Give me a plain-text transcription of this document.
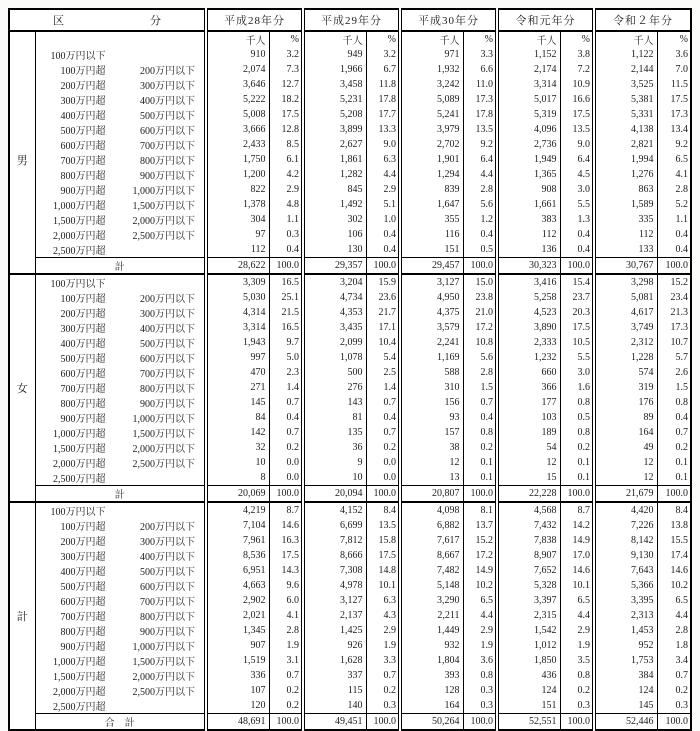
区 分		平成28年分		平成29年分		平成30年分		令和元年分		令和２年分	
		千人	%	千人	%	千人	%	千人	%	千人	%
男	100万円以下	910	3.2	949	3.2	971	3.3	1,152	3.8	1,122	3.6

	100万円超 200万円以下	2,074	7.3	1,966	6.7	1,932	6.6	2,174	7.2	2,144	7.0

	200万円超 300万円以下	3,646	12.7	3,458	11.8	3,242	11.0	3,314	10.9	3,525	11.5

	300万円超 400万円以下	5,222	18.2	5,231	17.8	5,089	17.3	5,017	16.6	5,381	17.5

	400万円超 500万円以下	5,008	17.5	5,208	17.7	5,241	17.8	5,319	17.5	5,331	17.3

	500万円超 600万円以下	3,666	12.8	3,899	13.3	3,979	13.5	4,096	13.5	4,138	13.4

	600万円超 700万円以下	2,433	8.5	2,627	9.0	2,702	9.2	2,736	9.0	2,821	9.2

	700万円超 800万円以下	1,750	6.1	1,861	6.3	1,901	6.4	1,949	6.4	1,994	6.5

	800万円超 900万円以下	1,200	4.2	1,282	4.4	1,294	4.4	1,365	4.5	1,276	4.1

	900万円超 1,000万円以下	822	2.9	845	2.9	839	2.8	908	3.0	863	2.8

	1,000万円超 1,500万円以下	1,378	4.8	1,492	5.1	1,647	5.6	1,661	5.5	1,589	5.2

	1,500万円超 2,000万円以下	304	1.1	302	1.0	355	1.2	383	1.3	335	1.1

	2,000万円超 2,500万円以下	97	0.3	106	0.4	116	0.4	112	0.4	112	0.4

	2,500万円超	112	0.4	130	0.4	151	0.5	136	0.4	133	0.4
	計	28,622	100.0	29,357	100.0	29,457	100.0	30,323	100.0	30,767	100.0
女	100万円以下	3,309	16.5	3,204	15.9	3,127	15.0	3,416	15.4	3,298	15.2

	100万円超 200万円以下	5,030	25.1	4,734	23.6	4,950	23.8	5,258	23.7	5,081	23.4

	200万円超 300万円以下	4,314	21.5	4,353	21.7	4,375	21.0	4,523	20.3	4,617	21.3

	300万円超 400万円以下	3,314	16.5	3,435	17.1	3,579	17.2	3,890	17.5	3,749	17.3

	400万円超 500万円以下	1,943	9.7	2,099	10.4	2,241	10.8	2,333	10.5	2,312	10.7

	500万円超 600万円以下	997	5.0	1,078	5.4	1,169	5.6	1,232	5.5	1,228	5.7

	600万円超 700万円以下	470	2.3	500	2.5	588	2.8	660	3.0	574	2.6

	700万円超 800万円以下	271	1.4	276	1.4	310	1.5	366	1.6	319	1.5

	800万円超 900万円以下	145	0.7	143	0.7	156	0.7	177	0.8	176	0.8

	900万円超 1,000万円以下	84	0.4	81	0.4	93	0.4	103	0.5	89	0.4

	1,000万円超 1,500万円以下	142	0.7	135	0.7	157	0.8	189	0.8	164	0.7

	1,500万円超 2,000万円以下	32	0.2	36	0.2	38	0.2	54	0.2	49	0.2

	2,000万円超 2,500万円以下	10	0.0	9	0.0	12	0.1	12	0.1	12	0.1

	2,500万円超	8	0.0	10	0.0	13	0.1	15	0.1	12	0.1
	計	20,069	100.0	20,094	100.0	20,807	100.0	22,228	100.0	21,679	100.0
計	100万円以下	4,219	8.7	4,152	8.4	4,098	8.1	4,568	8.7	4,420	8.4

	100万円超 200万円以下	7,104	14.6	6,699	13.5	6,882	13.7	7,432	14.2	7,226	13.8

	200万円超 300万円以下	7,961	16.3	7,812	15.8	7,617	15.2	7,838	14.9	8,142	15.5

	300万円超 400万円以下	8,536	17.5	8,666	17.5	8,667	17.2	8,907	17.0	9,130	17.4

	400万円超 500万円以下	6,951	14.3	7,308	14.8	7,482	14.9	7,652	14.6	7,643	14.6

	500万円超 600万円以下	4,663	9.6	4,978	10.1	5,148	10.2	5,328	10.1	5,366	10.2

	600万円超 700万円以下	2,902	6.0	3,127	6.3	3,290	6.5	3,397	6.5	3,395	6.5

	700万円超 800万円以下	2,021	4.1	2,137	4.3	2,211	4.4	2,315	4.4	2,313	4.4

	800万円超 900万円以下	1,345	2.8	1,425	2.9	1,449	2.9	1,542	2.9	1,453	2.8

	900万円超 1,000万円以下	907	1.9	926	1.9	932	1.9	1,012	1.9	952	1.8

	1,000万円超 1,500万円以下	1,519	3.1	1,628	3.3	1,804	3.6	1,850	3.5	1,753	3.4

	1,500万円超 2,000万円以下	336	0.7	337	0.7	393	0.8	436	0.8	384	0.7

	2,000万円超 2,500万円以下	107	0.2	115	0.2	128	0.3	124	0.2	124	0.2

	2,500万円超	120	0.2	140	0.3	164	0.3	151	0.3	145	0.3
	合　計	48,691	100.0	49,451	100.0	50,264	100.0	52,551	100.0	52,446	100.0
